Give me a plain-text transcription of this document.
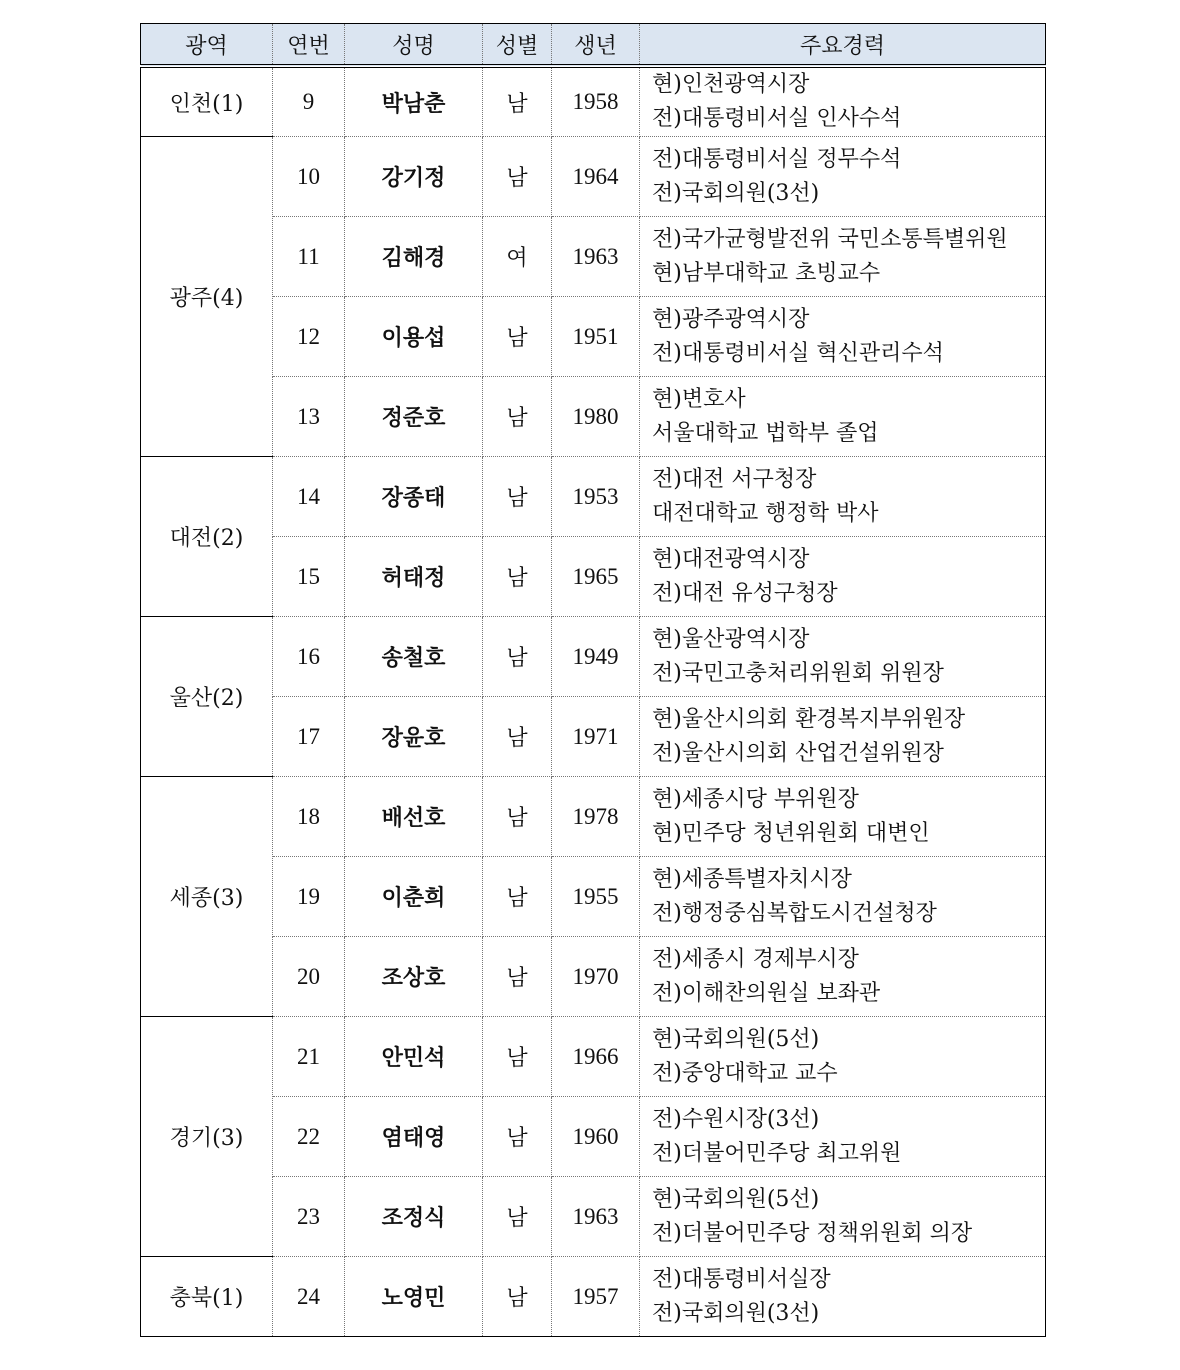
광역	연번	성명	성별	생년	주요경력
인천(1)	9	박남춘	남	1958	현)인천광역시장
전)대통령비서실 인사수석

광주(4)	10	강기정	남	1964	전)대통령비서실 정무수석
전)국회의원(3선)

	11	김해경	여	1963	전)국가균형발전위 국민소통특별위원
현)남부대학교 초빙교수

	12	이용섭	남	1951	현)광주광역시장
전)대통령비서실 혁신관리수석

	13	정준호	남	1980	현)변호사
서울대학교 법학부 졸업

대전(2)	14	장종태	남	1953	전)대전 서구청장
대전대학교 행정학 박사

	15	허태정	남	1965	현)대전광역시장
전)대전 유성구청장

울산(2)	16	송철호	남	1949	현)울산광역시장
전)국민고충처리위원회 위원장

	17	장윤호	남	1971	현)울산시의회 환경복지부위원장
전)울산시의회 산업건설위원장

세종(3)	18	배선호	남	1978	현)세종시당 부위원장
현)민주당 청년위원회 대변인

	19	이춘희	남	1955	현)세종특별자치시장
전)행정중심복합도시건설청장

	20	조상호	남	1970	전)세종시 경제부시장
전)이해찬의원실 보좌관

경기(3)	21	안민석	남	1966	현)국회의원(5선)
전)중앙대학교 교수

	22	염태영	남	1960	전)수원시장(3선)
전)더불어민주당 최고위원

	23	조정식	남	1963	현)국회의원(5선)
전)더불어민주당 정책위원회 의장

충북(1)	24	노영민	남	1957	전)대통령비서실장
전)국회의원(3선)
